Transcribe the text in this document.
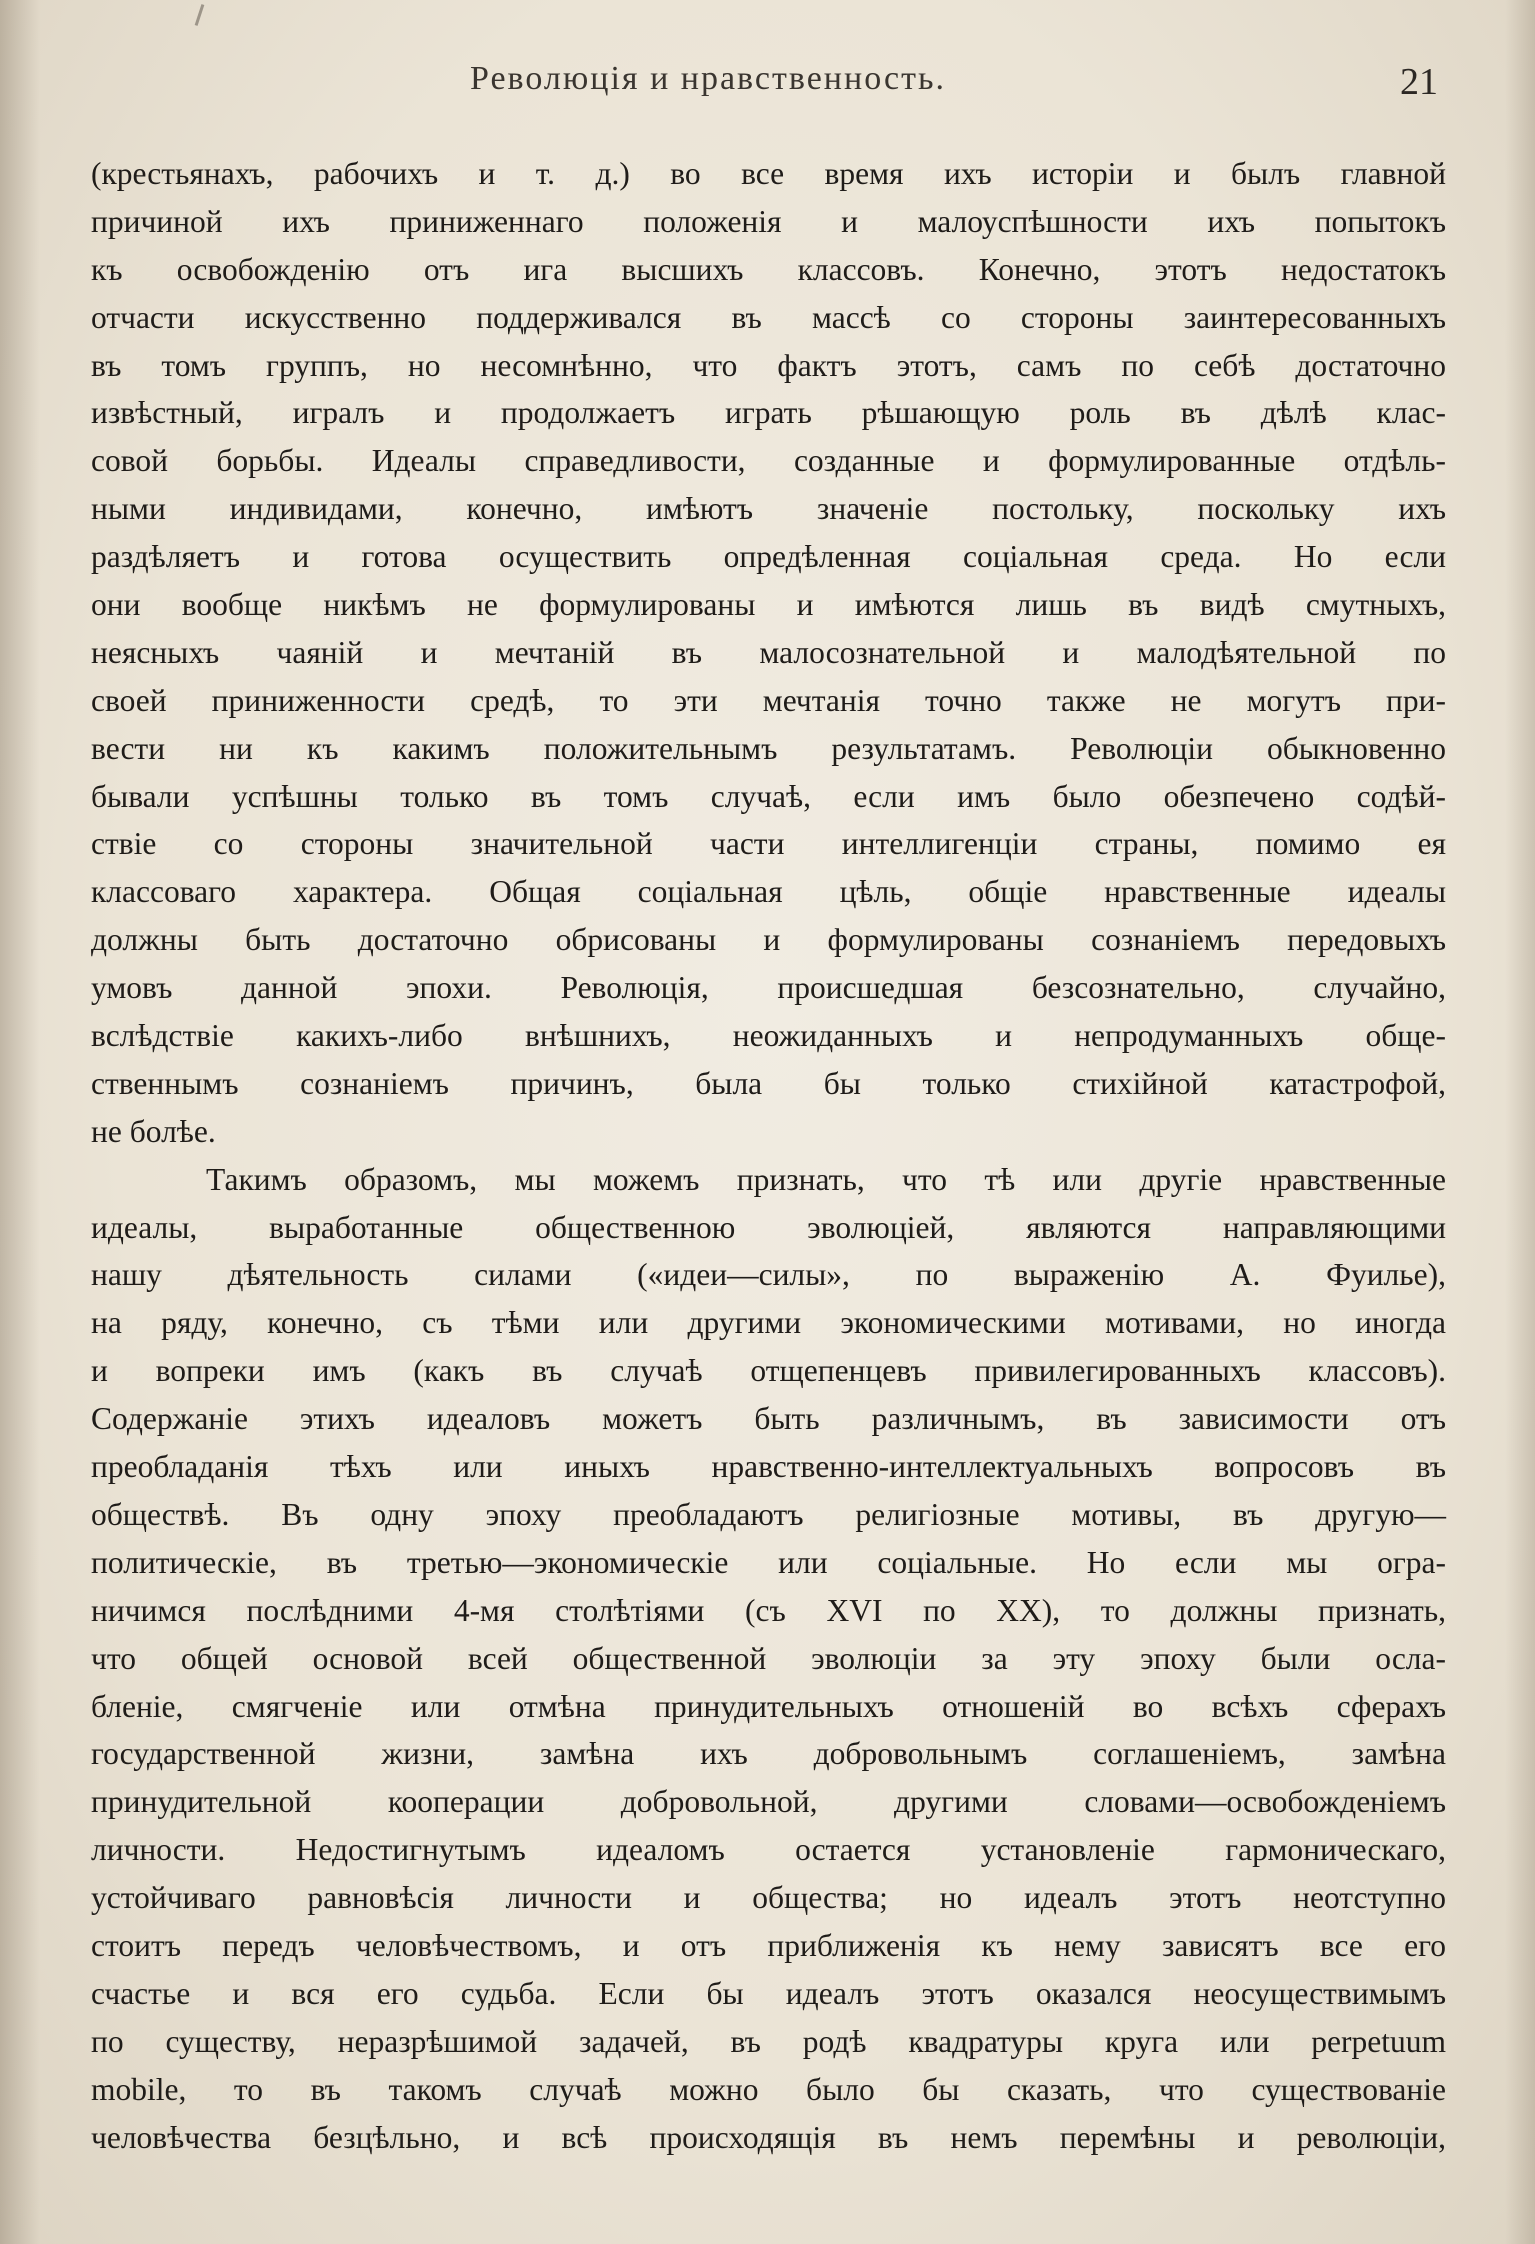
Революція и нравственность.	21
(крестьянахъ, рабочихъ и т. д.) во все время ихъ исторіи и былъ главной
причиной ихъ приниженнаго положенія и малоуспѣшности ихъ попытокъ
къ освобожденію отъ ига высшихъ классовъ. Конечно, этотъ недостатокъ
отчасти искусственно поддерживался въ массѣ со стороны заинтересованныхъ
въ томъ группъ, но несомнѣнно, что фактъ этотъ, самъ по себѣ достаточно
извѣстный, игралъ и продолжаетъ играть рѣшающую роль въ дѣлѣ клас-
совой борьбы. Идеалы справедливости, созданные и формулированные отдѣль-
ными индивидами, конечно, имѣютъ значеніе постольку, поскольку ихъ
раздѣляетъ и готова осуществить опредѣленная соціальная среда. Но если
они вообще никѣмъ не формулированы и имѣются лишь въ видѣ смутныхъ,
неясныхъ чаяній и мечтаній въ малосознательной и малодѣятельной по
своей приниженности средѣ, то эти мечтанія точно также не могутъ при-
вести ни къ какимъ положительнымъ результатамъ. Революціи обыкновенно
бывали успѣшны только въ томъ случаѣ, если имъ было обезпечено содѣй-
ствіе со стороны значительной части интеллигенціи страны, помимо ея
классоваго характера. Общая соціальная цѣль, общіе нравственные идеалы
должны быть достаточно обрисованы и формулированы сознаніемъ передовыхъ
умовъ данной эпохи. Революція, происшедшая безсознательно, случайно,
вслѣдствіе какихъ-либо внѣшнихъ, неожиданныхъ и непродуманныхъ обще-
ственнымъ сознаніемъ причинъ, была бы только стихійной катастрофой,
не болѣе.
Такимъ образомъ, мы можемъ признать, что тѣ или другіе нравственные
идеалы, выработанные общественною эволюціей, являются направляющими
нашу дѣятельность силами («идеи—силы», по выраженію А. Фуилье),
на ряду, конечно, съ тѣми или другими экономическими мотивами, но иногда
и вопреки имъ (какъ въ случаѣ отщепенцевъ привилегированныхъ классовъ).
Содержаніе этихъ идеаловъ можетъ быть различнымъ, въ зависимости отъ
преобладанія тѣхъ или иныхъ нравственно-интеллектуальныхъ вопросовъ въ
обществѣ. Въ одну эпоху преобладаютъ религіозные мотивы, въ другую—
политическіе, въ третью—экономическіе или соціальные. Но если мы огра-
ничимся послѣдними 4-мя столѣтіями (съ XVI по XX), то должны признать,
что общей основой всей общественной эволюціи за эту эпоху были осла-
бленіе, смягченіе или отмѣна принудительныхъ отношеній во всѣхъ сферахъ
государственной жизни, замѣна ихъ добровольнымъ соглашеніемъ, замѣна
принудительной кооперации добровольной, другими словами—освобожденіемъ
личности. Недостигнутымъ идеаломъ остается установленіе гармоническаго,
устойчиваго равновѣсія личности и общества; но идеалъ этотъ неотступно
стоитъ передъ человѣчествомъ, и отъ приближенія къ нему зависятъ все его
счастье и вся его судьба. Если бы идеалъ этотъ оказался неосуществимымъ
по существу, неразрѣшимой задачей, въ родѣ квадратуры круга или perpetuum
mobile, то въ такомъ случаѣ можно было бы сказать, что существованіе
человѣчества безцѣльно, и всѣ происходящія въ немъ перемѣны и революціи,
